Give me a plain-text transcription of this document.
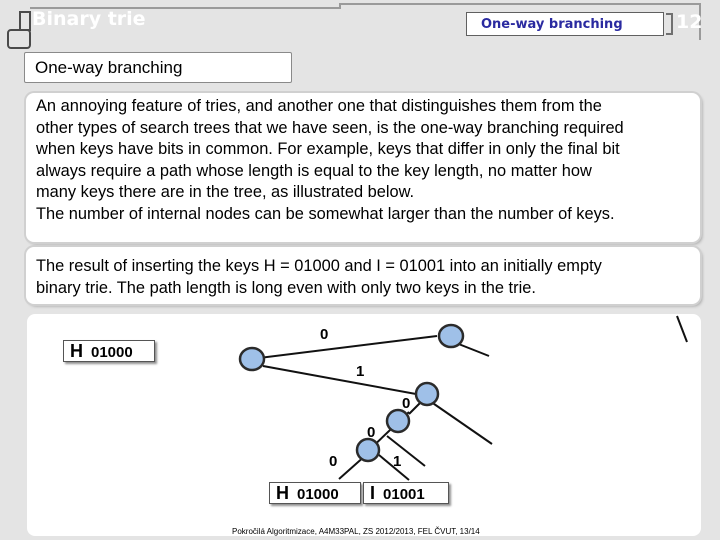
Binary trie	One-way branching	12
One-way branching
An annoying feature of tries, and another one that distinguishes them from the
other types of search trees that we have seen, is the one-way branching required
when keys have bits in common. For example, keys that differ in only the final bit
always require a path whose length is equal to the key length, no matter how
many keys there are in the tree, as illustrated below.
The number of internal nodes can be somewhat larger than the number of keys.
The result of inserting the keys H = 01000 and I = 01001 into an initially empty
binary trie. The path length is long even with only two keys in the trie.
0
1
0
0
0	1
H 01000
H 01000	I 01001
Pokročilá Algoritmizace, A4M33PAL, ZS 2012/2013, FEL ČVUT, 13/14
